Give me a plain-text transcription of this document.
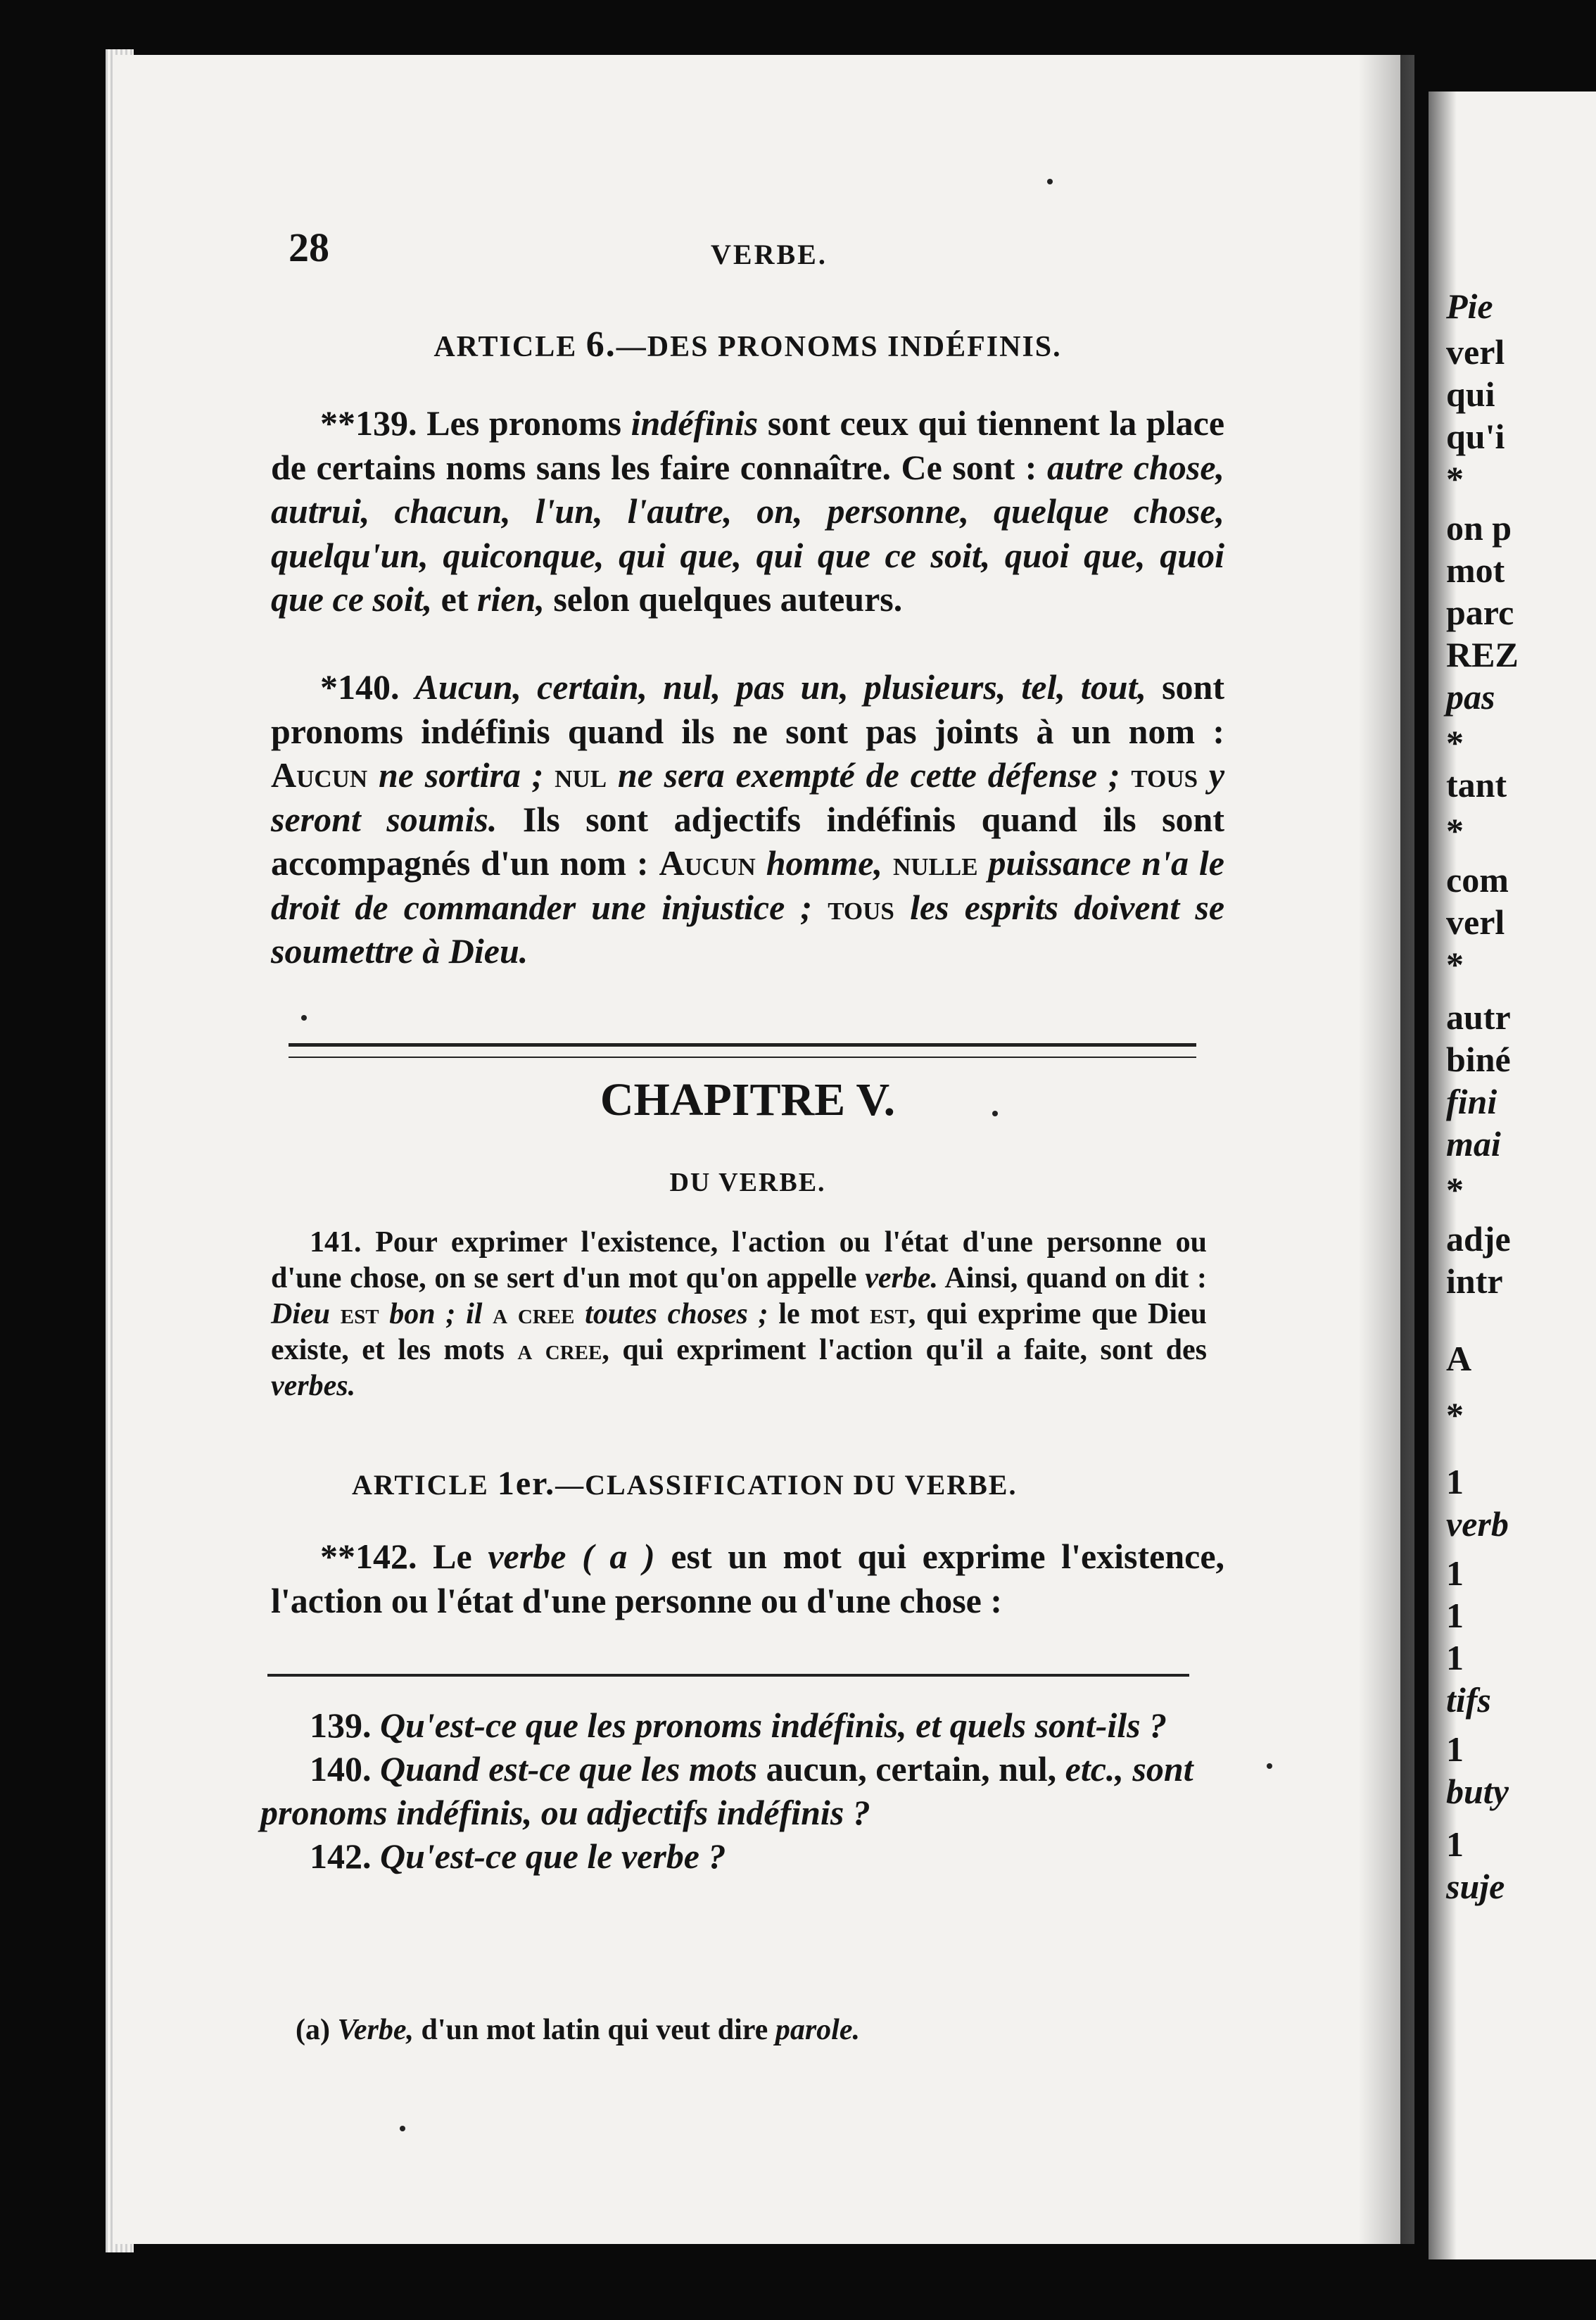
Pie
verl
qui
qu'i
*
on p
mot
parc
REZ
pas
*
tant
*
com
verl
*
autr
biné
fini
mai
*
adje
intr
A
*
1
verb
1
1
1
tifs
1
buty
1
suje
28	VERBE.
ARTICLE 6.—DES PRONOMS INDÉFINIS.

**139. Les pronoms indéfinis sont ceux qui tiennent la place de certains noms sans les faire connaître. Ce sont : autre chose, autrui, chacun, l'un, l'autre, on, personne, quelque chose, quelqu'un, quiconque, qui que, qui que ce soit, quoi que, quoi que ce soit, et rien, selon quelques auteurs.

*140. Aucun, certain, nul, pas un, plusieurs, tel, tout, sont pronoms indéfinis quand ils ne sont pas joints à un nom : Aucun ne sortira ; nul ne sera exempté de cette défense ; tous y seront soumis. Ils sont adjectifs indéfinis quand ils sont accompagnés d'un nom : Aucun homme, nulle puissance n'a le droit de commander une injustice ; tous les esprits doivent se soumettre à Dieu.

CHAPITRE V.
DU VERBE.

141. Pour exprimer l'existence, l'action ou l'état d'une personne ou d'une chose, on se sert d'un mot qu'on appelle verbe. Ainsi, quand on dit : Dieu est bon ; il a cree toutes choses ; le mot est, qui exprime que Dieu existe, et les mots a cree, qui expriment l'action qu'il a faite, sont des verbes.

ARTICLE 1er.—CLASSIFICATION DU VERBE.

**142. Le verbe ( a ) est un mot qui exprime l'existence, l'action ou l'état d'une personne ou d'une chose :

139. Qu'est-ce que les pronoms indéfinis, et quels sont-ils ?

140. Quand est-ce que les mots aucun, certain, nul, etc., sont pronoms indéfinis, ou adjectifs indéfinis ?

142. Qu'est-ce que le verbe ?

(a) Verbe, d'un mot latin qui veut dire parole.
